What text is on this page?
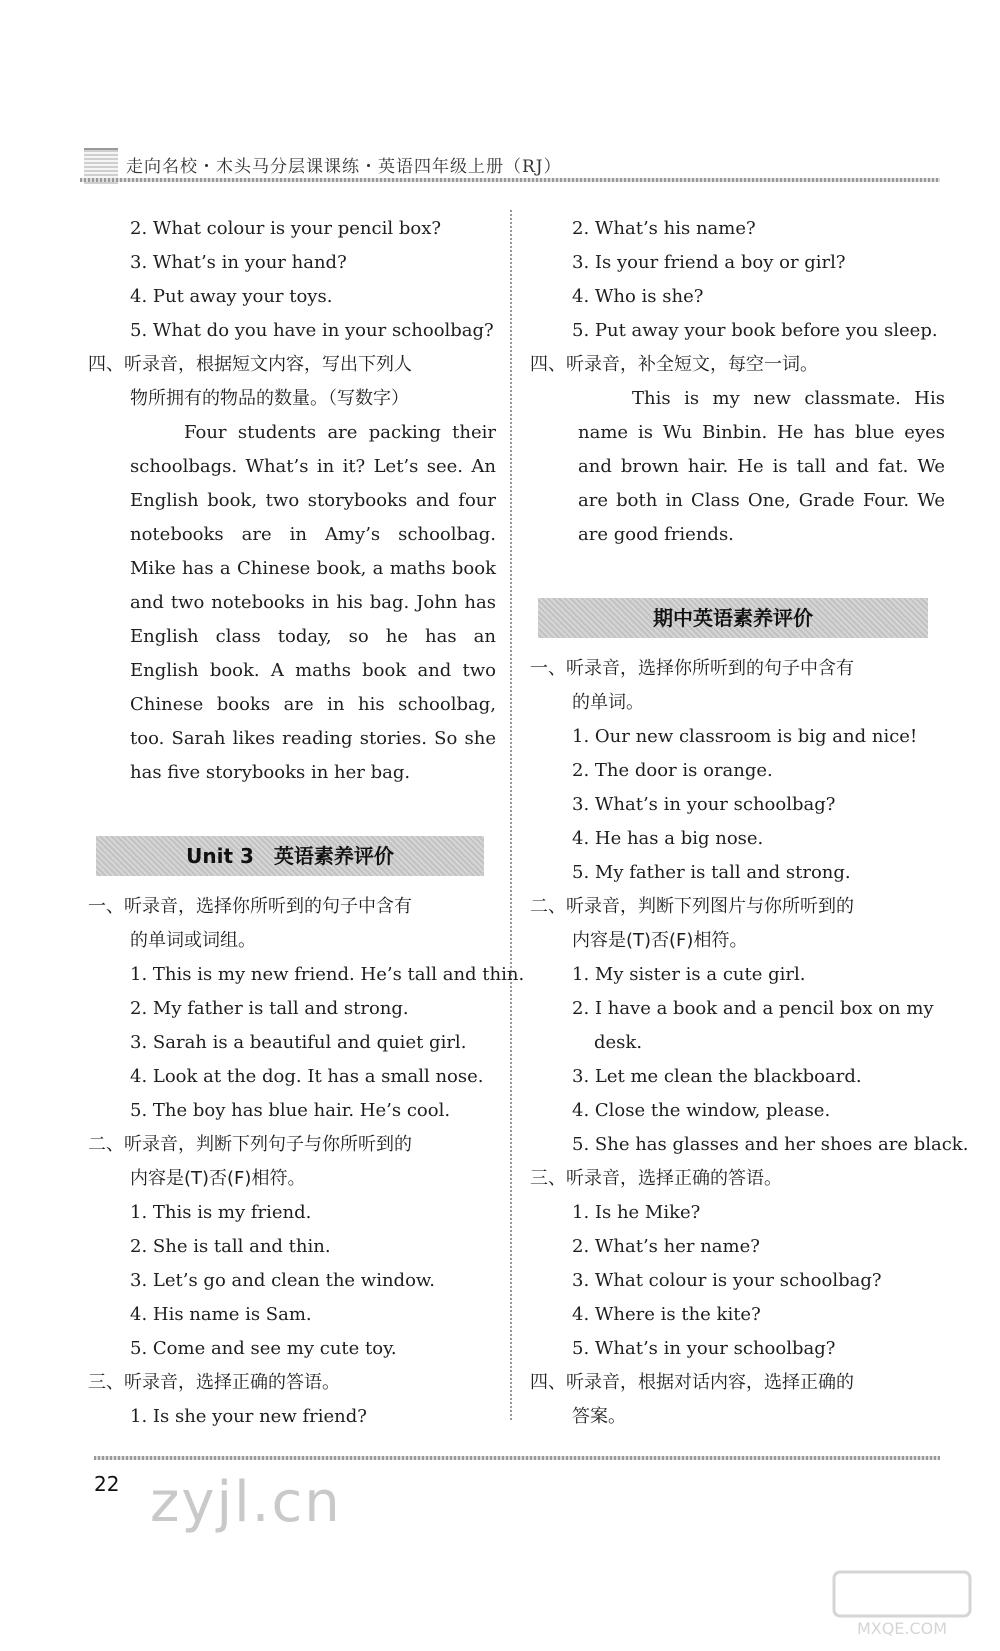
走向名校・木头马分层课课练・英语四年级上册（RJ）
2. What colour is your pencil box?
3. What’s in your hand?
4. Put away your toys.
5. What do you have in your schoolbag?
四、听录音，根据短文内容，写出下列人
物所拥有的物品的数量。（写数字）
Four students are packing their schoolbags. What’s in it? Let’s see. An English book, two storybooks and four notebooks are in Amy’s schoolbag. Mike has a Chinese book, a maths book and two notebooks in his bag. John has English class today, so he has an English book. A maths book and two Chinese books are in his schoolbag, too. Sarah likes reading stories. So she has five storybooks in her bag.
Unit 3　英语素养评价
一、听录音，选择你所听到的句子中含有
的单词或词组。
1. This is my new friend. He’s tall and thin.
2. My father is tall and strong.
3. Sarah is a beautiful and quiet girl.
4. Look at the dog. It has a small nose.
5. The boy has blue hair. He’s cool.
二、听录音，判断下列句子与你所听到的
内容是(T)否(F)相符。
1. This is my friend.
2. She is tall and thin.
3. Let’s go and clean the window.
4. His name is Sam.
5. Come and see my cute toy.
三、听录音，选择正确的答语。
1. Is she your new friend?
2. What’s his name?
3. Is your friend a boy or girl?
4. Who is she?
5. Put away your book before you sleep.
四、听录音，补全短文，每空一词。
This is my new classmate. His name is Wu Binbin. He has blue eyes and brown hair. He is tall and fat. We are both in Class One, Grade Four. We are good friends.
期中英语素养评价
一、听录音，选择你所听到的句子中含有
的单词。
1. Our new classroom is big and nice!
2. The door is orange.
3. What’s in your schoolbag?
4. He has a big nose.
5. My father is tall and strong.
二、听录音，判断下列图片与你所听到的
内容是(T)否(F)相符。
1. My sister is a cute girl.
2. I have a book and a pencil box on my
desk.
3. Let me clean the blackboard.
4. Close the window, please.
5. She has glasses and her shoes are black.
三、听录音，选择正确的答语。
1. Is he Mike?
2. What’s her name?
3. What colour is your schoolbag?
4. Where is the kite?
5. What’s in your schoolbag?
四、听录音，根据对话内容，选择正确的
答案。
22 zyjl.cn
MXQE.COM
